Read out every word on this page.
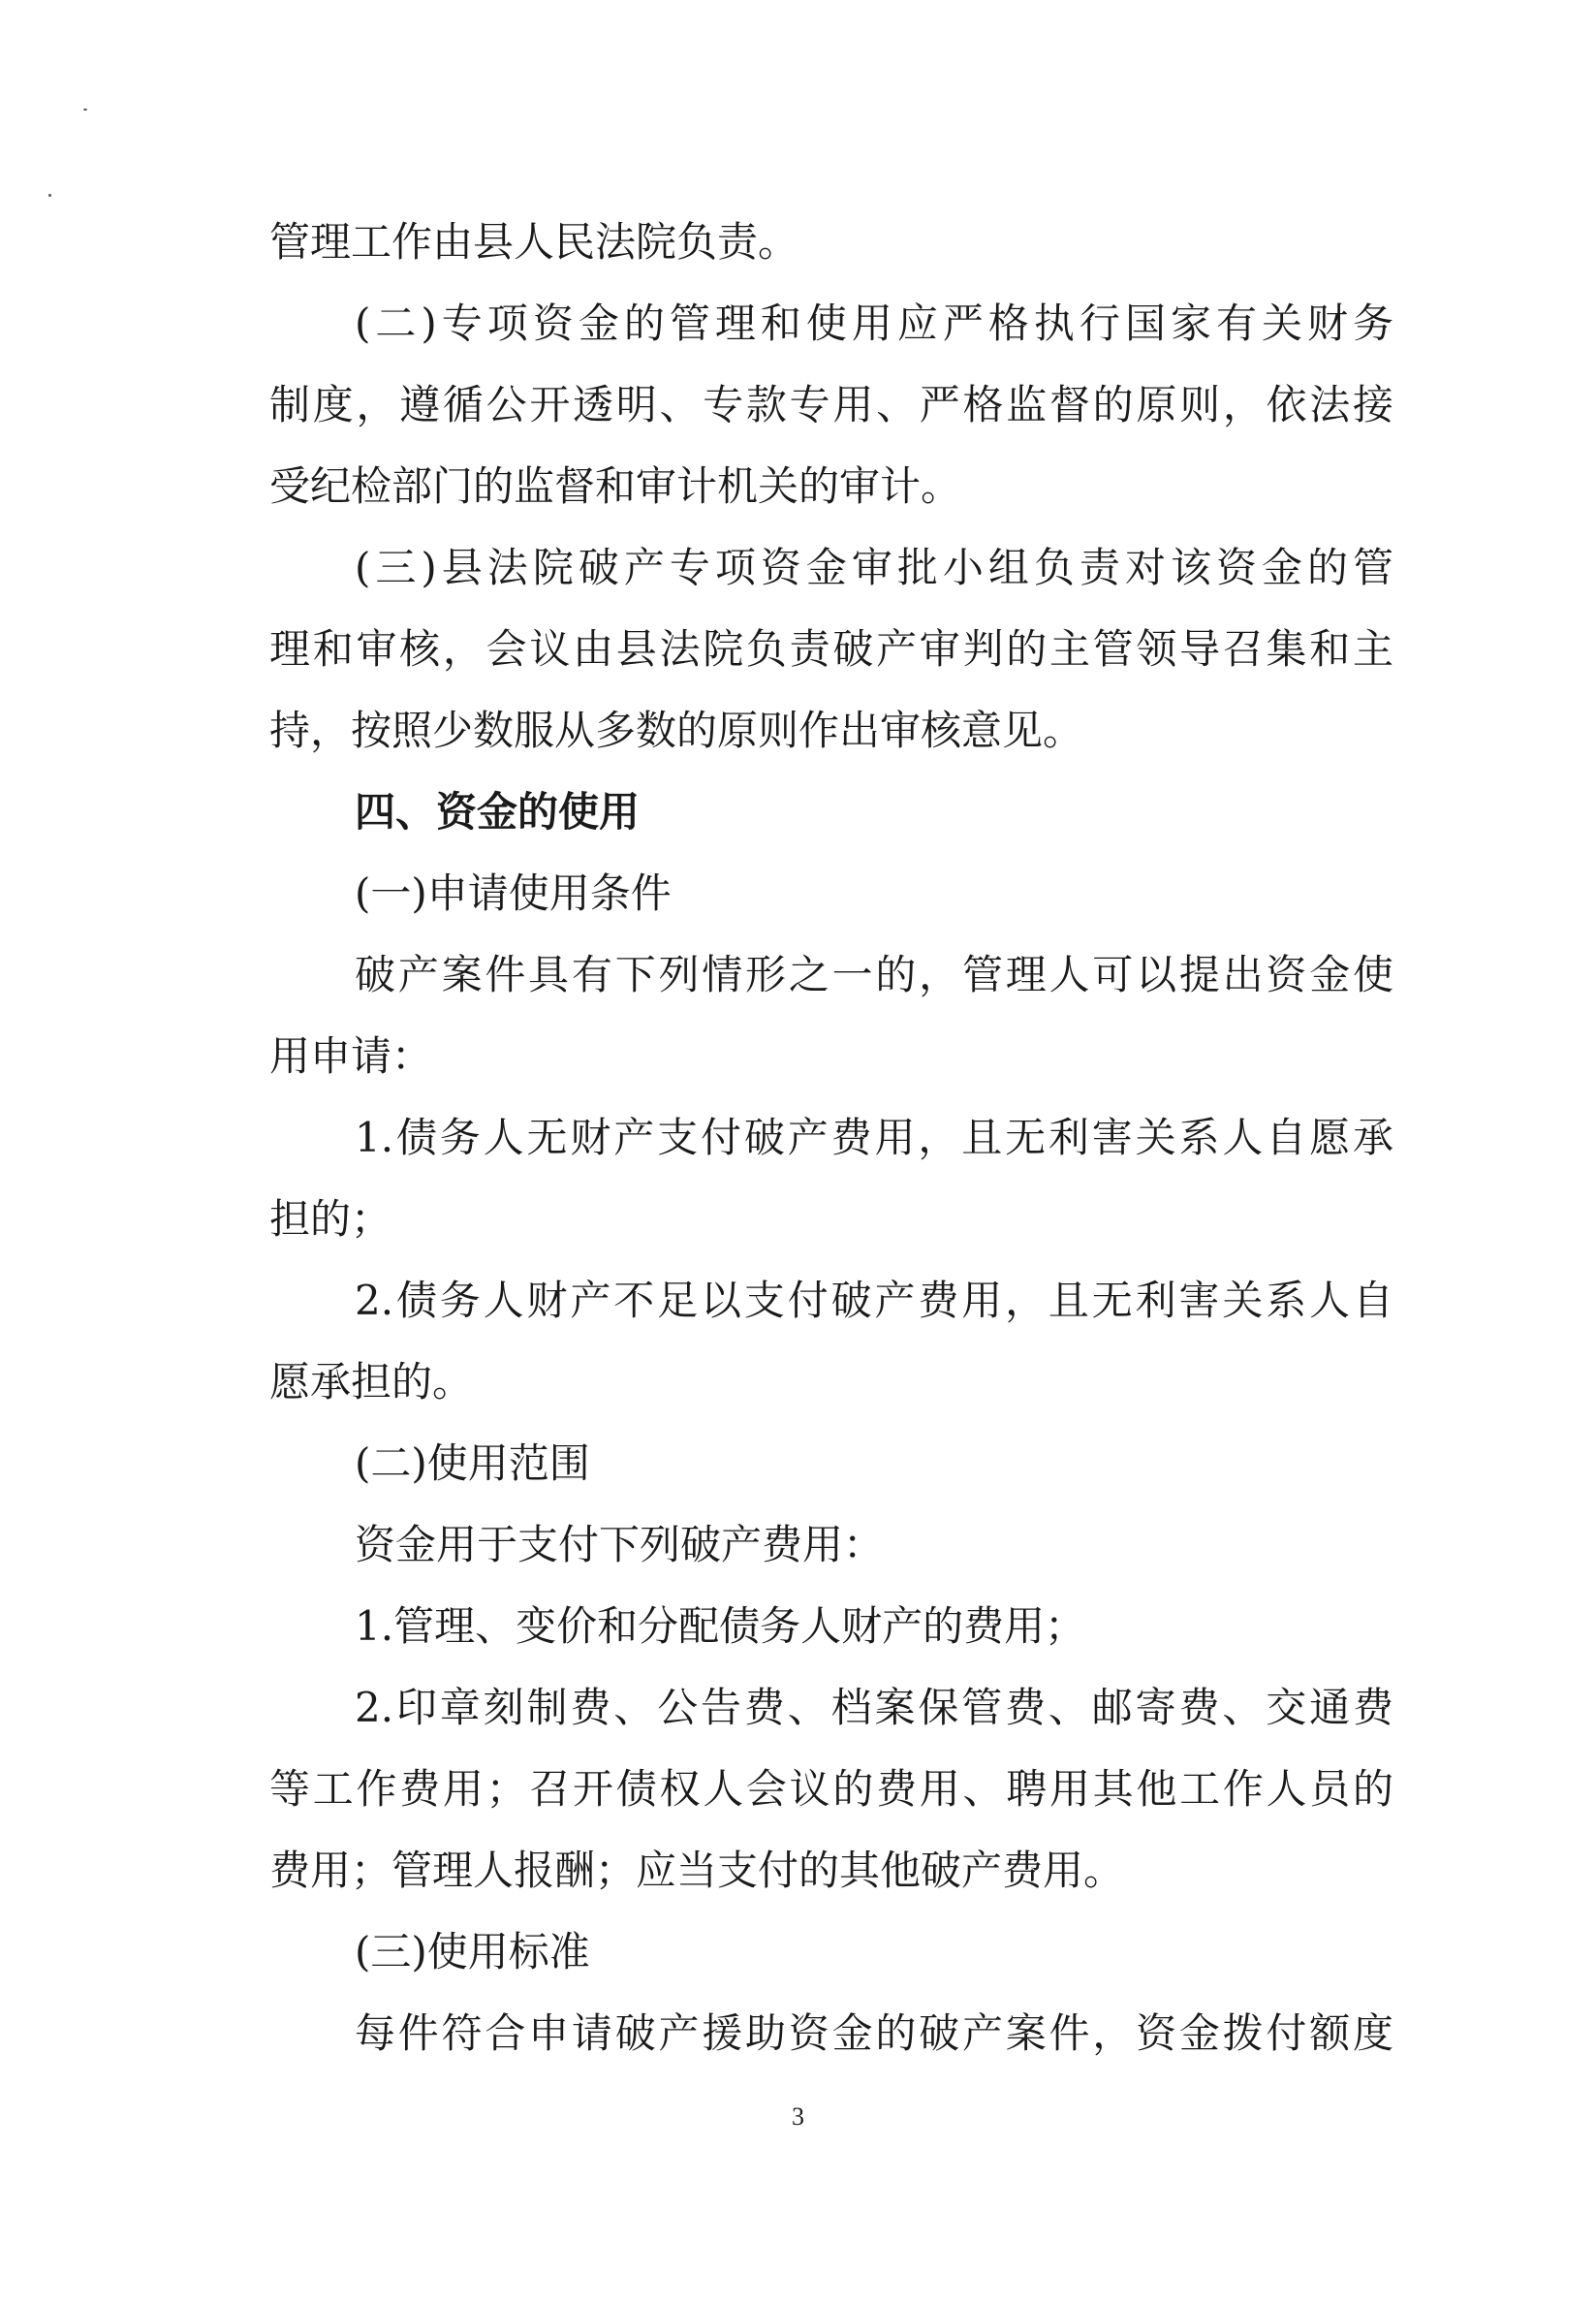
管理工作由县人民法院负责。
(二)专项资金的管理和使用应严格执行国家有关财务
制度，遵循公开透明、专款专用、严格监督的原则，依法接
受纪检部门的监督和审计机关的审计。
(三)县法院破产专项资金审批小组负责对该资金的管
理和审核，会议由县法院负责破产审判的主管领导召集和主
持，按照少数服从多数的原则作出审核意见。
四、资金的使用
(一)申请使用条件
破产案件具有下列情形之一的，管理人可以提出资金使
用申请：
1.债务人无财产支付破产费用，且无利害关系人自愿承
担的；
2.债务人财产不足以支付破产费用，且无利害关系人自
愿承担的。
(二)使用范围
资金用于支付下列破产费用：
1.管理、变价和分配债务人财产的费用；
2.印章刻制费、公告费、档案保管费、邮寄费、交通费
等工作费用；召开债权人会议的费用、聘用其他工作人员的
费用；管理人报酬；应当支付的其他破产费用。
(三)使用标准
每件符合申请破产援助资金的破产案件，资金拨付额度
3
